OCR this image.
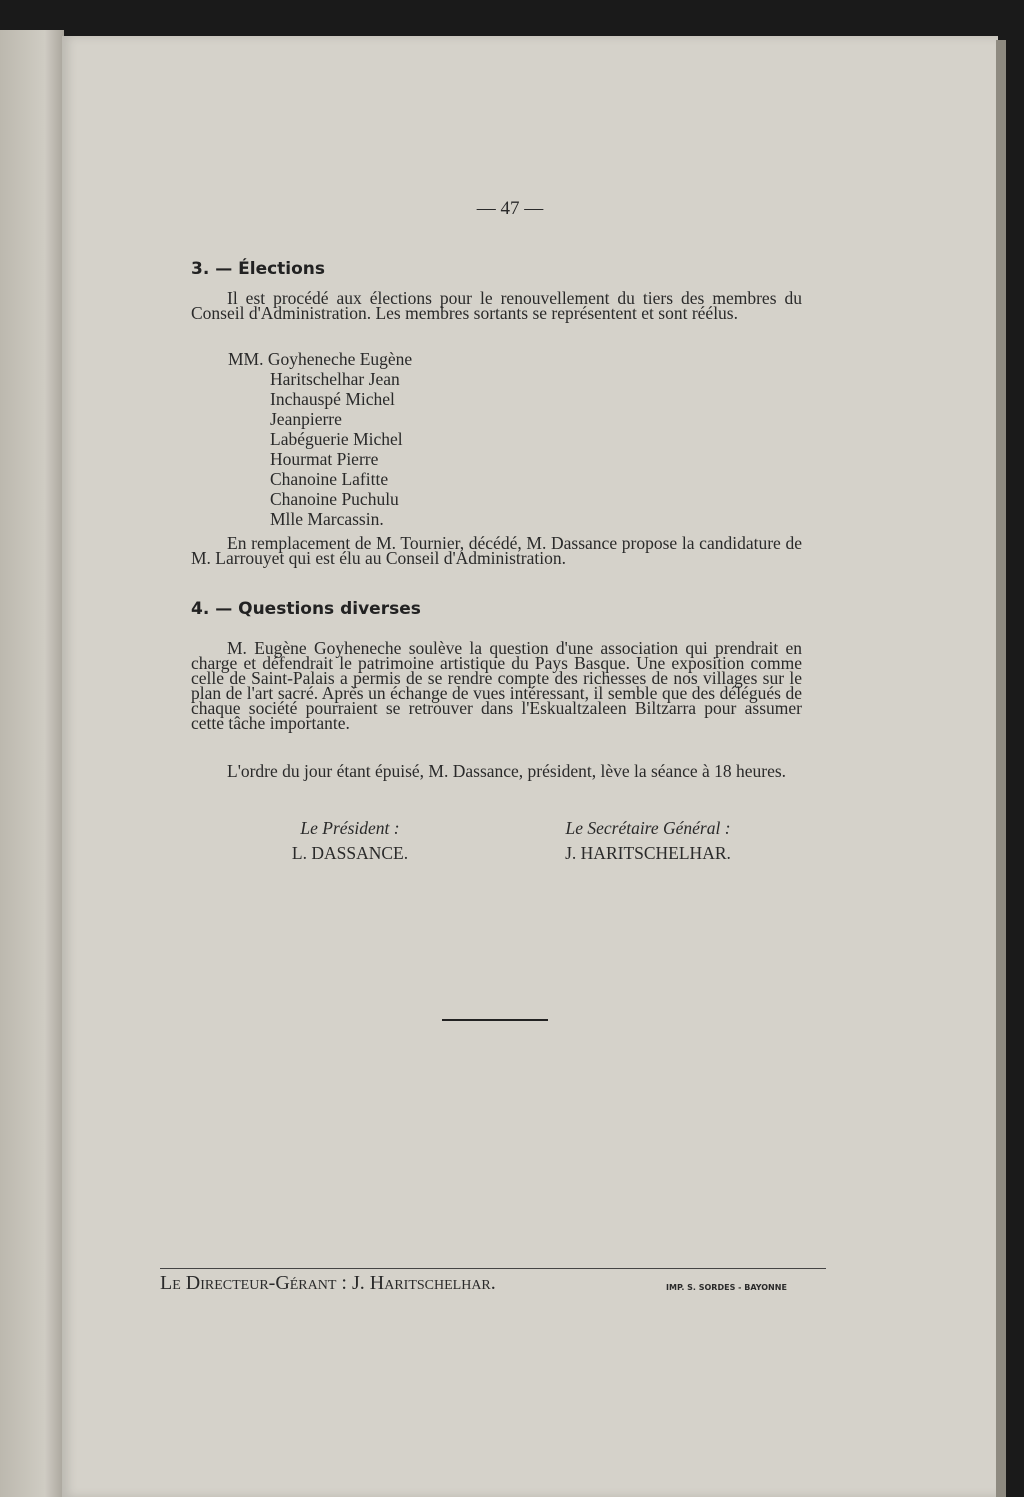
— 47 —
3. — Élections

Il est procédé aux élections pour le renouvellement du tiers des membres du Conseil d'Administration. Les membres sortants se représentent et sont réélus.

MM. Goyheneche Eugène
Haritschelhar Jean
Inchauspé Michel
Jeanpierre
Labéguerie Michel
Hourmat Pierre
Chanoine Lafitte
Chanoine Puchulu
Mlle Marcassin.

En remplacement de M. Tournier, décédé, M. Dassance propose la candidature de M. Larrouyet qui est élu au Conseil d'Administration.

4. — Questions diverses

M. Eugène Goyheneche soulève la question d'une association qui prendrait en charge et défendrait le patrimoine artistique du Pays Basque. Une exposition comme celle de Saint-Palais a permis de se rendre compte des richesses de nos villages sur le plan de l'art sacré. Après un échange de vues intéressant, il semble que des délégués de chaque société pourraient se retrouver dans l'Eskualtzaleen Biltzarra pour assumer cette tâche importante.

L'ordre du jour étant épuisé, M. Dassance, président, lève la séance à 18 heures.

Le Président :
L. DASSANCE.
Le Secrétaire Général :
J. HARITSCHELHAR.
Le Directeur-Gérant : J. Haritschelhar.	IMP. S. SORDES - BAYONNE
